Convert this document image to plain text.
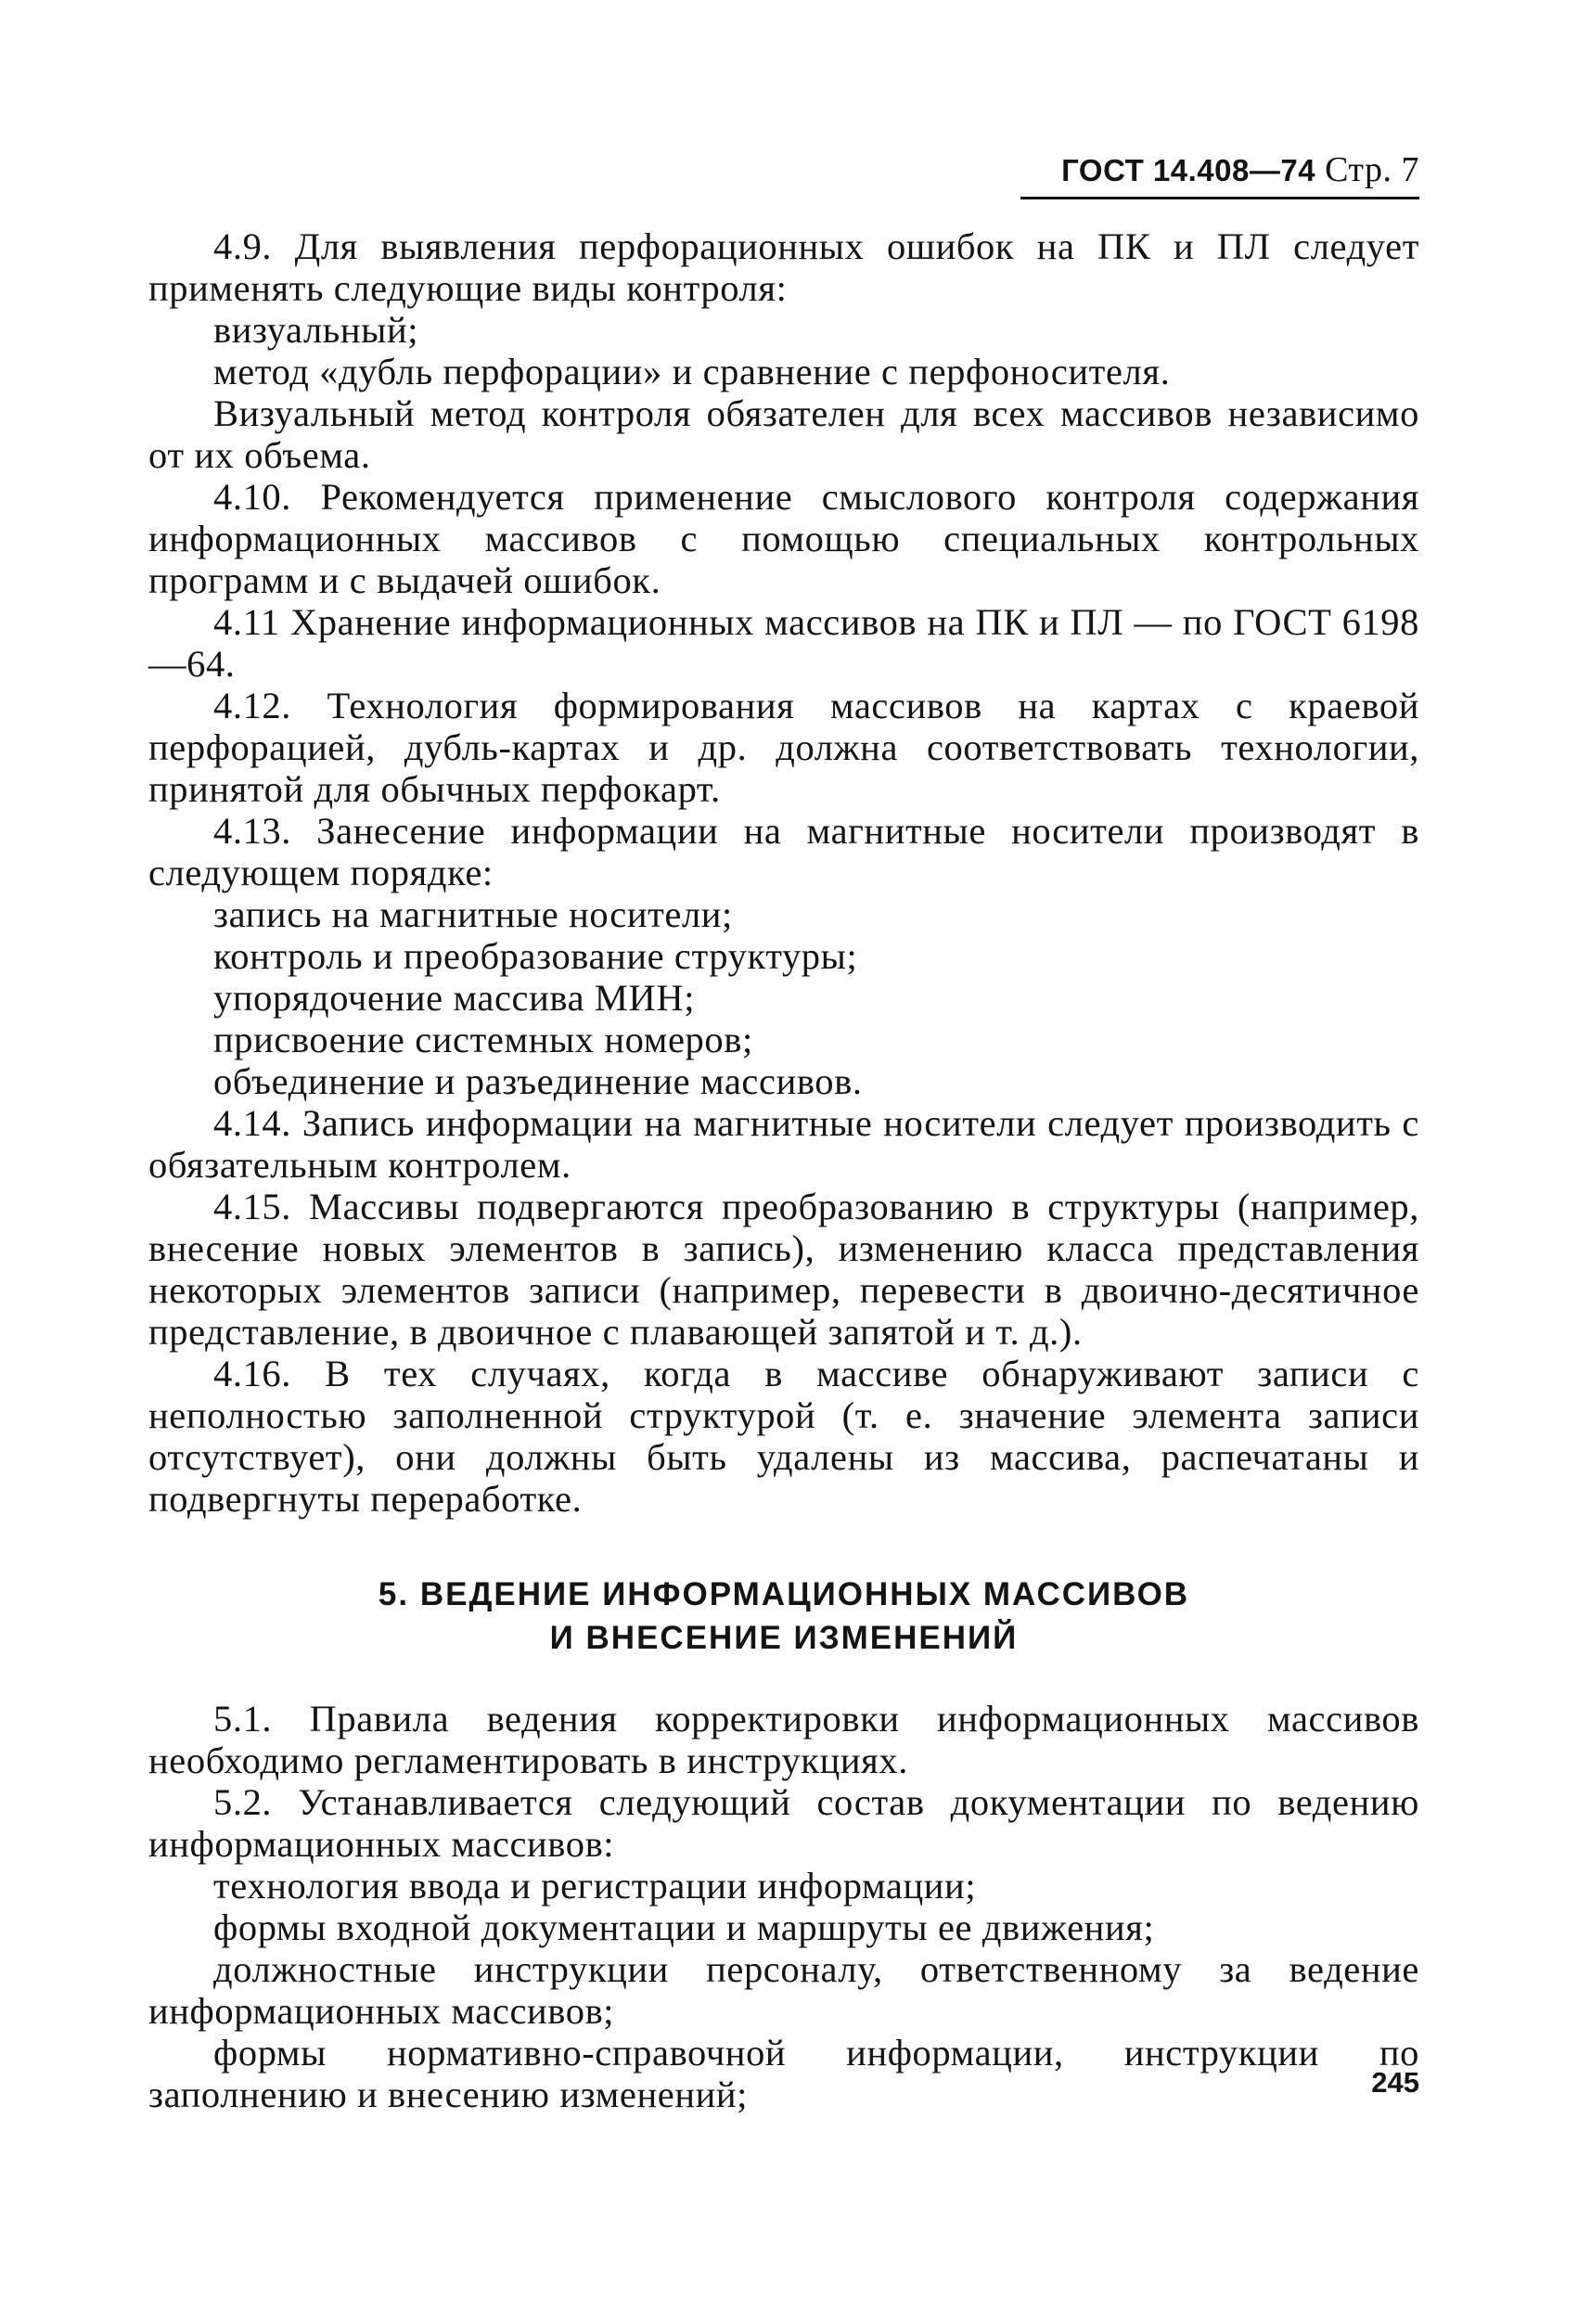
ГОСТ 14.408—74 Стр. 7

4.9. Для выявления перфорационных ошибок на ПК и ПЛ следует применять следующие виды контроля:

визуальный;

метод «дубль перфорации» и сравнение с перфоносителя.

Визуальный метод контроля обязателен для всех массивов независимо от их объема.

4.10. Рекомендуется применение смыслового контроля содержания информационных массивов с помощью специальных контрольных программ и с выдачей ошибок.

4.11 Хранение информационных массивов на ПК и ПЛ — по ГОСТ 6198—64.

4.12. Технология формирования массивов на картах с краевой перфорацией, дубль-картах и др. должна соответствовать технологии, принятой для обычных перфокарт.

4.13. Занесение информации на магнитные носители производят в следующем порядке:

запись на магнитные носители;

контроль и преобразование структуры;

упорядочение массива МИН;

присвоение системных номеров;

объединение и разъединение массивов.

4.14. Запись информации на магнитные носители следует производить с обязательным контролем.

4.15. Массивы подвергаются преобразованию в структуры (например, внесение новых элементов в запись), изменению класса представления некоторых элементов записи (например, перевести в двоично-десятичное представление, в двоичное с плавающей запятой и т. д.).

4.16. В тех случаях, когда в массиве обнаруживают записи с неполностью заполненной структурой (т. е. значение элемента записи отсутствует), они должны быть удалены из массива, распечатаны и подвергнуты переработке.

5. ВЕДЕНИЕ ИНФОРМАЦИОННЫХ МАССИВОВ
И ВНЕСЕНИЕ ИЗМЕНЕНИЙ

5.1. Правила ведения корректировки информационных массивов необходимо регламентировать в инструкциях.

5.2. Устанавливается следующий состав документации по ведению информационных массивов:

технология ввода и регистрации информации;

формы входной документации и маршруты ее движения;

должностные инструкции персоналу, ответственному за ведение информационных массивов;

формы нормативно-справочной информации, инструкции по заполнению и внесению изменений;	245
